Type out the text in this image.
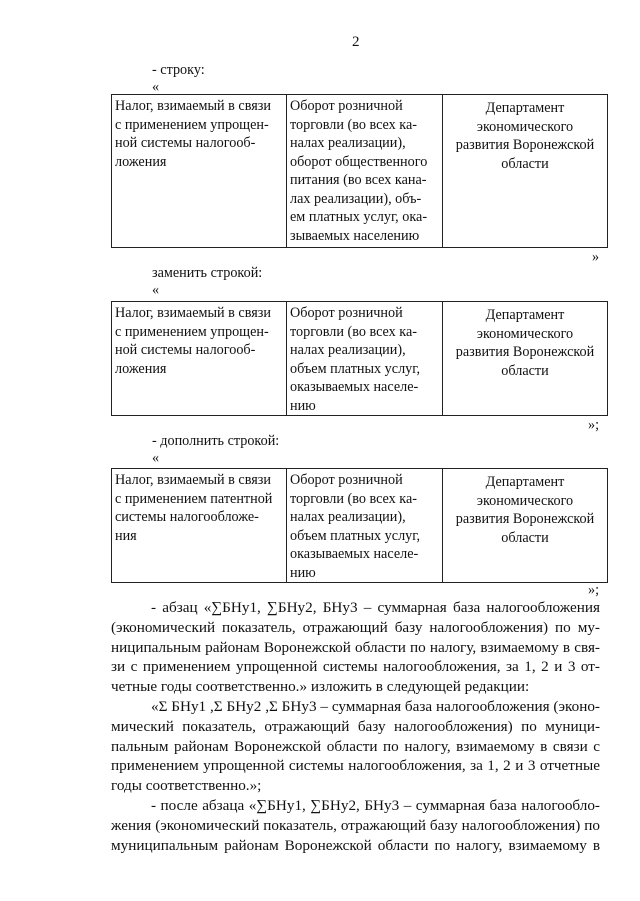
2
- строку:
«
Налог, взимаемый в связи
с применением упрощен-
ной системы налогооб-
ложения

Оборот розничной
торговли (во всех ка-
налах реализации),
оборот общественного
питания (во всех кана-
лах реализации), объ-
ем платных услуг, ока-
зываемых населению

Департамент
экономического
развития Воронежской
области
»
заменить строкой:
«
Налог, взимаемый в связи
с применением упрощен-
ной системы налогооб-
ложения

Оборот розничной
торговли (во всех ка-
налах реализации),
объем платных услуг,
оказываемых населе-
нию

Департамент
экономического
развития Воронежской
области
»;
- дополнить строкой:
«
Налог, взимаемый в связи
с применением патентной
системы налогообложе-
ния

Оборот розничной
торговли (во всех ка-
налах реализации),
объем платных услуг,
оказываемых населе-
нию

Департамент
экономического
развития Воронежской
области
»;
- абзац «∑БНу1, ∑БНу2, БНу3 – суммарная база налогообложения
(экономический показатель, отражающий базу налогообложения) по му-
ниципальным районам Воронежской области по налогу, взимаемому в свя-
зи с применением упрощенной системы налогообложения, за 1, 2 и 3 от-
четные годы соответственно.» изложить в следующей редакции:
«Σ БНу1 ,Σ БНу2 ,Σ БНу3 – суммарная база налогообложения (эконо-
мический показатель, отражающий базу налогообложения) по муници-
пальным районам Воронежской области по налогу, взимаемому в связи с
применением упрощенной системы налогообложения, за 1, 2 и 3 отчетные
годы соответственно.»;
- после абзаца «∑БНу1, ∑БНу2, БНу3 – суммарная база налогообло-
жения (экономический показатель, отражающий базу налогообложения) по
муниципальным районам Воронежской области по налогу, взимаемому в
